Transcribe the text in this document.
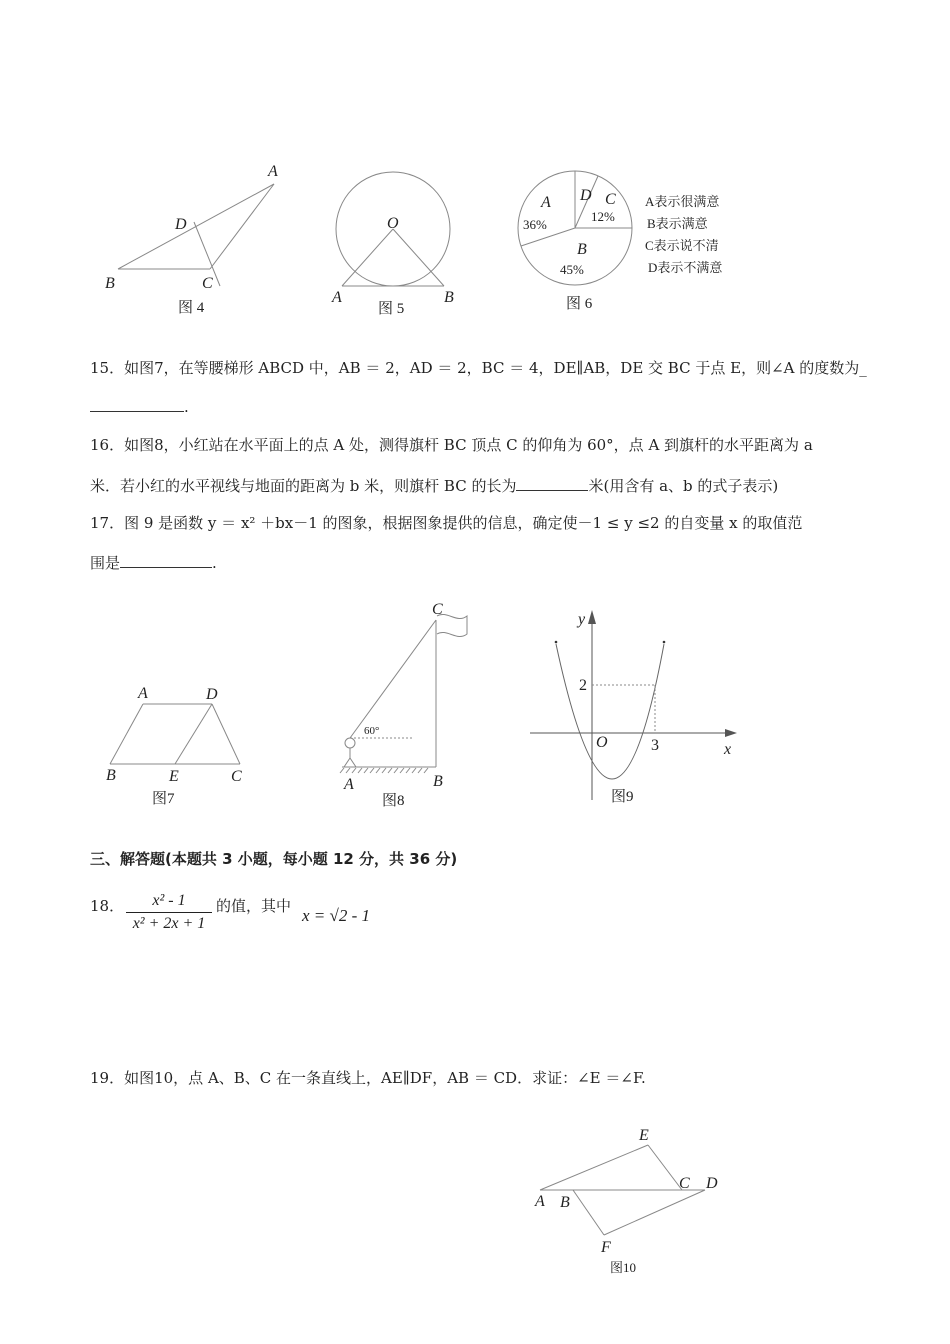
A
D
B	C
图 4
O
A	B
图 5
A
36%
D C
12%
B
45%
A表示很满意
B表示满意
C表示说不清
D表示不满意
图 6
A	D
B	E	C
图7
C
A	B
60°
图8
y
x
O
2
3
图9
E
A B
C D
F
图10
15．如图7，在等腰梯形 ABCD 中，AB ＝ 2，AD ＝ 2，BC ＝ 4，DE∥AB，DE 交 BC 于点 E，则∠A 的度数为_
.
16．如图8，小红站在水平面上的点 A 处，测得旗杆 BC 顶点 C 的仰角为 60°，点 A 到旗杆的水平距离为 a
米．若小红的水平视线与地面的距离为 b 米，则旗杆 BC 的长为	米(用含有 a、b 的式子表示)
17．图 9 是函数 y ＝ x² ＋bx－1 的图象，根据图象提供的信息，确定使－1 ≤ y ≤2 的自变量 x 的取值范
围是	.
三、解答题(本题共 3 小题，每小题 12 分，共 36 分)
18． $\frac{\text{x² - 1}}{\text{x² + 2x + 1}}$ 的值，其中 x = √2 - 1
19．如图10，点 A、B、C 在一条直线上，AE∥DF，AB ＝ CD．求证：∠E ＝∠F.
